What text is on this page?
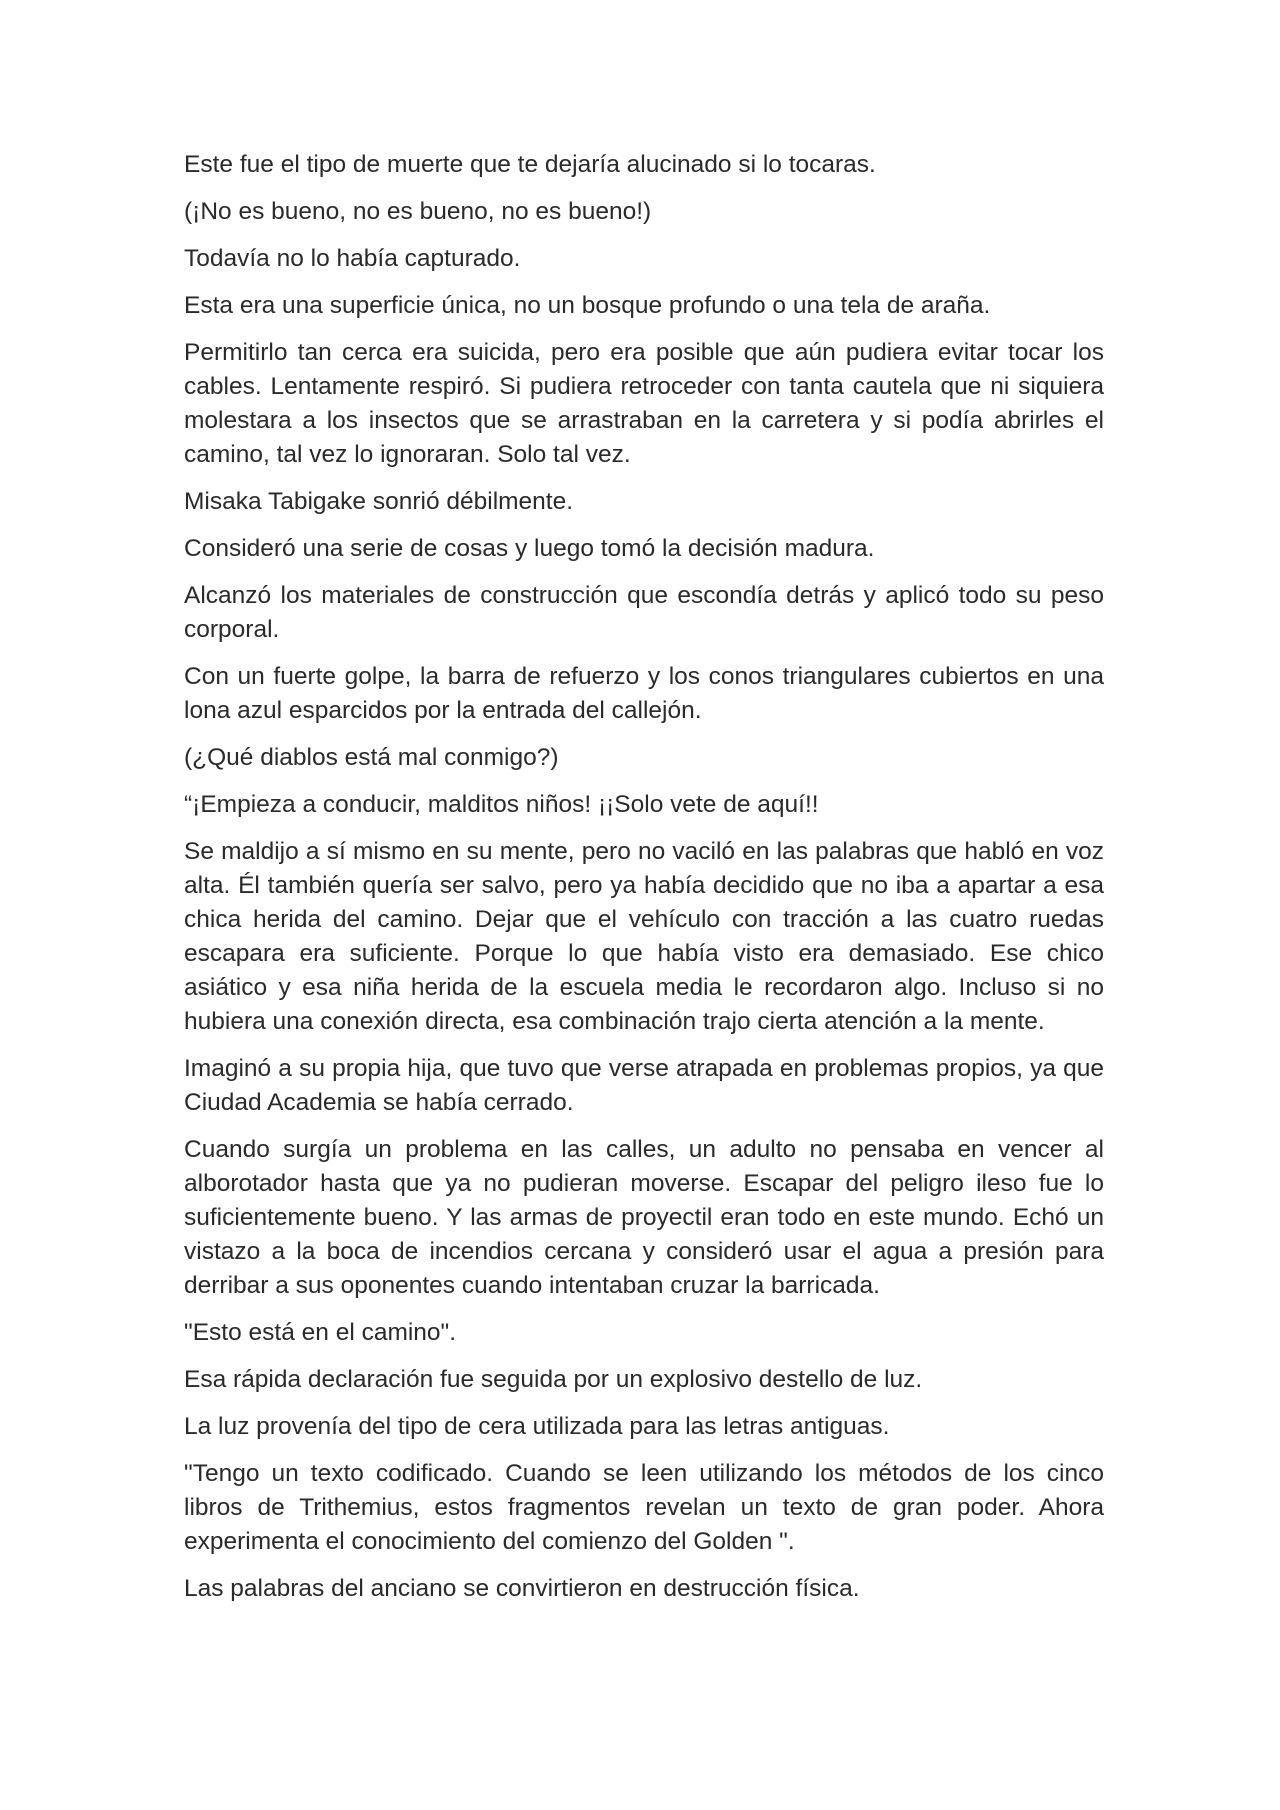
Este fue el tipo de muerte que te dejaría alucinado si lo tocaras.

(¡No es bueno, no es bueno, no es bueno!)

Todavía no lo había capturado.

Esta era una superficie única, no un bosque profundo o una tela de araña.

Permitirlo tan cerca era suicida, pero era posible que aún pudiera evitar tocar los cables. Lentamente respiró. Si pudiera retroceder con tanta cautela que ni siquiera molestara a los insectos que se arrastraban en la carretera y si podía abrirles el camino, tal vez lo ignoraran. Solo tal vez.

Misaka Tabigake sonrió débilmente.

Consideró una serie de cosas y luego tomó la decisión madura.

Alcanzó los materiales de construcción que escondía detrás y aplicó todo su peso corporal.

Con un fuerte golpe, la barra de refuerzo y los conos triangulares cubiertos en una lona azul esparcidos por la entrada del callejón.

(¿Qué diablos está mal conmigo?)

“¡Empieza a conducir, malditos niños! ¡¡Solo vete de aquí!!

Se maldijo a sí mismo en su mente, pero no vaciló en las palabras que habló en voz alta. Él también quería ser salvo, pero ya había decidido que no iba a apartar a esa chica herida del camino. Dejar que el vehículo con tracción a las cuatro ruedas escapara era suficiente. Porque lo que había visto era demasiado. Ese chico asiático y esa niña herida de la escuela media le recordaron algo. Incluso si no hubiera una conexión directa, esa combinación trajo cierta atención a la mente.

Imaginó a su propia hija, que tuvo que verse atrapada en problemas propios, ya que Ciudad Academia se había cerrado.

Cuando surgía un problema en las calles, un adulto no pensaba en vencer al alborotador hasta que ya no pudieran moverse. Escapar del peligro ileso fue lo suficientemente bueno. Y las armas de proyectil eran todo en este mundo. Echó un vistazo a la boca de incendios cercana y consideró usar el agua a presión para derribar a sus oponentes cuando intentaban cruzar la barricada.

"Esto está en el camino".

Esa rápida declaración fue seguida por un explosivo destello de luz.

La luz provenía del tipo de cera utilizada para las letras antiguas.

"Tengo un texto codificado. Cuando se leen utilizando los métodos de los cinco libros de Trithemius, estos fragmentos revelan un texto de gran poder. Ahora experimenta el conocimiento del comienzo del Golden ".

Las palabras del anciano se convirtieron en destrucción física.
